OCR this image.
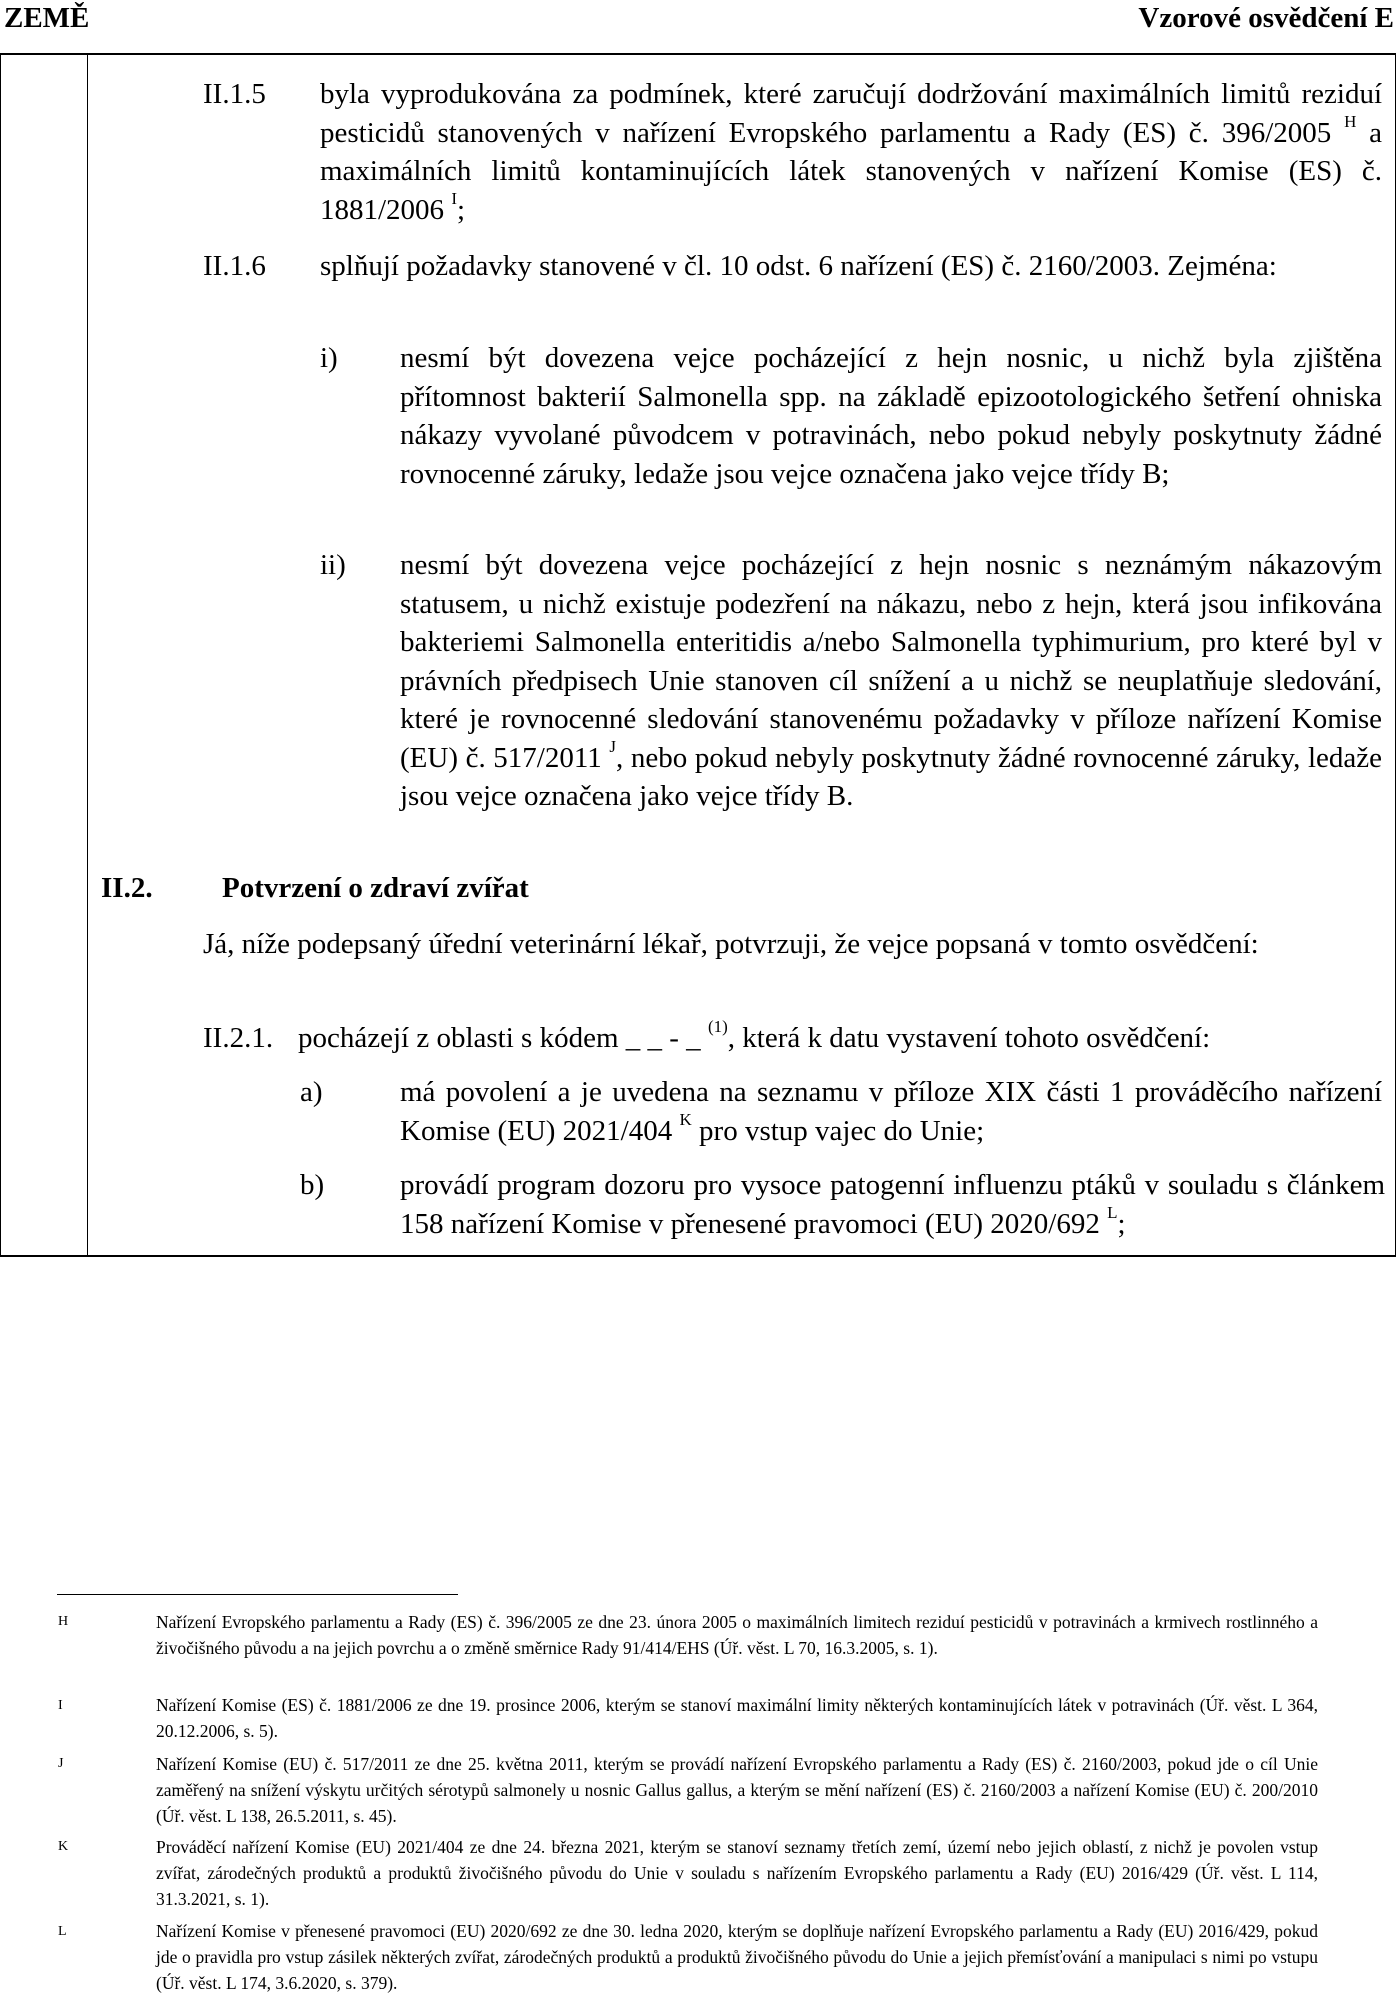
ZEMĚ	Vzorové osvědčení E
II.1.5 byla vyprodukována za podmínek, které zaručují dodržování maximálních limitů reziduí pesticidů stanovených v nařízení Evropského parlamentu a Rady (ES) č. 396/2005 $^H$ a maximálních limitů kontaminujících látek stanovených v nařízení Komise (ES) č. 1881/2006 $^I$;
II.1.6 splňují požadavky stanovené v čl. 10 odst. 6 nařízení (ES) č. 2160/2003. Zejména:
i) nesmí být dovezena vejce pocházející z hejn nosnic, u nichž byla zjištěna přítomnost bakterií Salmonella spp. na základě epizootologického šetření ohniska nákazy vyvolané původcem v potravinách, nebo pokud nebyly poskytnuty žádné rovnocenné záruky, ledaže jsou vejce označena jako vejce třídy B;
ii) nesmí být dovezena vejce pocházející z hejn nosnic s neznámým nákazovým statusem, u nichž existuje podezření na nákazu, nebo z hejn, která jsou infikována bakteriemi Salmonella enteritidis a/nebo Salmonella typhimurium, pro které byl v právních předpisech Unie stanoven cíl snížení a u nichž se neuplatňuje sledování, které je rovnocenné sledování stanovenému požadavky v příloze nařízení Komise (EU) č. 517/2011 $^J$, nebo pokud nebyly poskytnuty žádné rovnocenné záruky, ledaže jsou vejce označena jako vejce třídy B.
II.2. Potvrzení o zdraví zvířat
Já, níže podepsaný úřední veterinární lékař, potvrzuji, že vejce popsaná v tomto osvědčení:
II.2.1. pocházejí z oblasti s kódem _ _ - _ $^{(1)}$, která k datu vystavení tohoto osvědčení:
a)	má povolení a je uvedena na seznamu v příloze XIX části 1 prováděcího nařízení Komise (EU) 2021/404 $^K$ pro vstup vajec do Unie;
b)	provádí program dozoru pro vysoce patogenní influenzu ptáků v souladu s článkem 158 nařízení Komise v přenesené pravomoci (EU) 2020/692 $^L$;
H	Nařízení Evropského parlamentu a Rady (ES) č. 396/2005 ze dne 23. února 2005 o maximálních limitech reziduí pesticidů v potravinách a krmivech rostlinného a živočišného původu a na jejich povrchu a o změně směrnice Rady 91/414/EHS (Úř. věst. L 70, 16.3.2005, s. 1).
I	Nařízení Komise (ES) č. 1881/2006 ze dne 19. prosince 2006, kterým se stanoví maximální limity některých kontaminujících látek v potravinách (Úř. věst. L 364, 20.12.2006, s. 5).
J	Nařízení Komise (EU) č. 517/2011 ze dne 25. května 2011, kterým se provádí nařízení Evropského parlamentu a Rady (ES) č. 2160/2003, pokud jde o cíl Unie zaměřený na snížení výskytu určitých sérotypů salmonely u nosnic Gallus gallus, a kterým se mění nařízení (ES) č. 2160/2003 a nařízení Komise (EU) č. 200/2010 (Úř. věst. L 138, 26.5.2011, s. 45).
K	Prováděcí nařízení Komise (EU) 2021/404 ze dne 24. března 2021, kterým se stanoví seznamy třetích zemí, území nebo jejich oblastí, z nichž je povolen vstup zvířat, zárodečných produktů a produktů živočišného původu do Unie v souladu s nařízením Evropského parlamentu a Rady (EU) 2016/429 (Úř. věst. L 114, 31.3.2021, s. 1).
L	Nařízení Komise v přenesené pravomoci (EU) 2020/692 ze dne 30. ledna 2020, kterým se doplňuje nařízení Evropského parlamentu a Rady (EU) 2016/429, pokud jde o pravidla pro vstup zásilek některých zvířat, zárodečných produktů a produktů živočišného původu do Unie a jejich přemísťování a manipulaci s nimi po vstupu (Úř. věst. L 174, 3.6.2020, s. 379).
